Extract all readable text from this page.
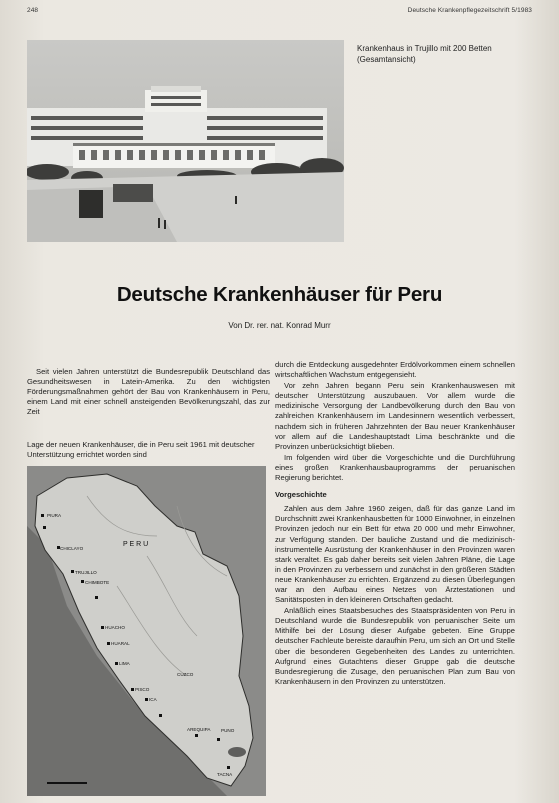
248	Deutsche Krankenpflegezeitschrift 5/1983
Krankenhaus in Trujillo mit 200 Betten (Gesamtansicht)
Deutsche Krankenhäuser für Peru
Von Dr. rer. nat. Konrad Murr

Seit vielen Jahren unterstützt die Bundesrepublik Deutschland das Gesundheitswesen in Latein-Amerika. Zu den wichtigsten Förderungsmaßnahmen gehört der Bau von Krankenhäusern in Peru, einem Land mit einer schnell ansteigenden Bevölkerungszahl, das zur Zeit

Lage der neuen Krankenhäuser, die in Peru seit 1961 mit deutscher Unterstützung errichtet worden sind
P E R U
PIURA
CHICLAYO
TRUJILLO
CHIMBOTE
HUACHO
HUARAL
LIMA
PISCO
ICA
CUZCO
AREQUIPA PUNO
TACNA

durch die Entdeckung ausgedehnter Erdölvorkommen einem schnellen wirtschaftlichen Wachstum entgegensieht.

Vor zehn Jahren begann Peru sein Krankenhauswesen mit deutscher Unterstützung auszubauen. Vor allem wurde die medizinische Versorgung der Landbevölkerung durch den Bau von zahlreichen Krankenhäusern im Landesinnern wesentlich verbessert, nachdem sich in früheren Jahrzehnten der Bau neuer Krankenhäuser vor allem auf die Landeshauptstadt Lima beschränkte und die Provinzen unberücksichtigt blieben.

Im folgenden wird über die Vorgeschichte und die Durchführung eines großen Krankenhausbauprogramms der peruanischen Regierung berichtet.

Vorgeschichte

Zahlen aus dem Jahre 1960 zeigen, daß für das ganze Land im Durchschnitt zwei Krankenhausbetten für 1000 Einwohner, in einzelnen Provinzen jedoch nur ein Bett für etwa 20 000 und mehr Einwohner, zur Verfügung standen. Der bauliche Zustand und die medizinisch-instrumentelle Ausrüstung der Krankenhäuser in den Provinzen waren stark veraltet. Es gab daher bereits seit vielen Jahren Pläne, die Lage in den Provinzen zu verbessern und zunächst in den größeren Städten neue Krankenhäuser zu errichten. Ergänzend zu diesen Überlegungen war an den Aufbau eines Netzes von Ärztestationen und Sanitätsposten in den kleineren Ortschaften gedacht.

Anläßlich eines Staatsbesuches des Staatspräsidenten von Peru in Deutschland wurde die Bundesrepublik von peruanischer Seite um Mithilfe bei der Lösung dieser Aufgabe gebeten. Eine Gruppe deutscher Fachleute bereiste daraufhin Peru, um sich an Ort und Stelle über die besonderen Gegebenheiten des Landes zu unterrichten. Aufgrund eines Gutachtens dieser Gruppe gab die deutsche Bundesregierung die Zusage, den peruanischen Plan zum Bau von Krankenhäusern in den Provinzen zu unterstützen.
